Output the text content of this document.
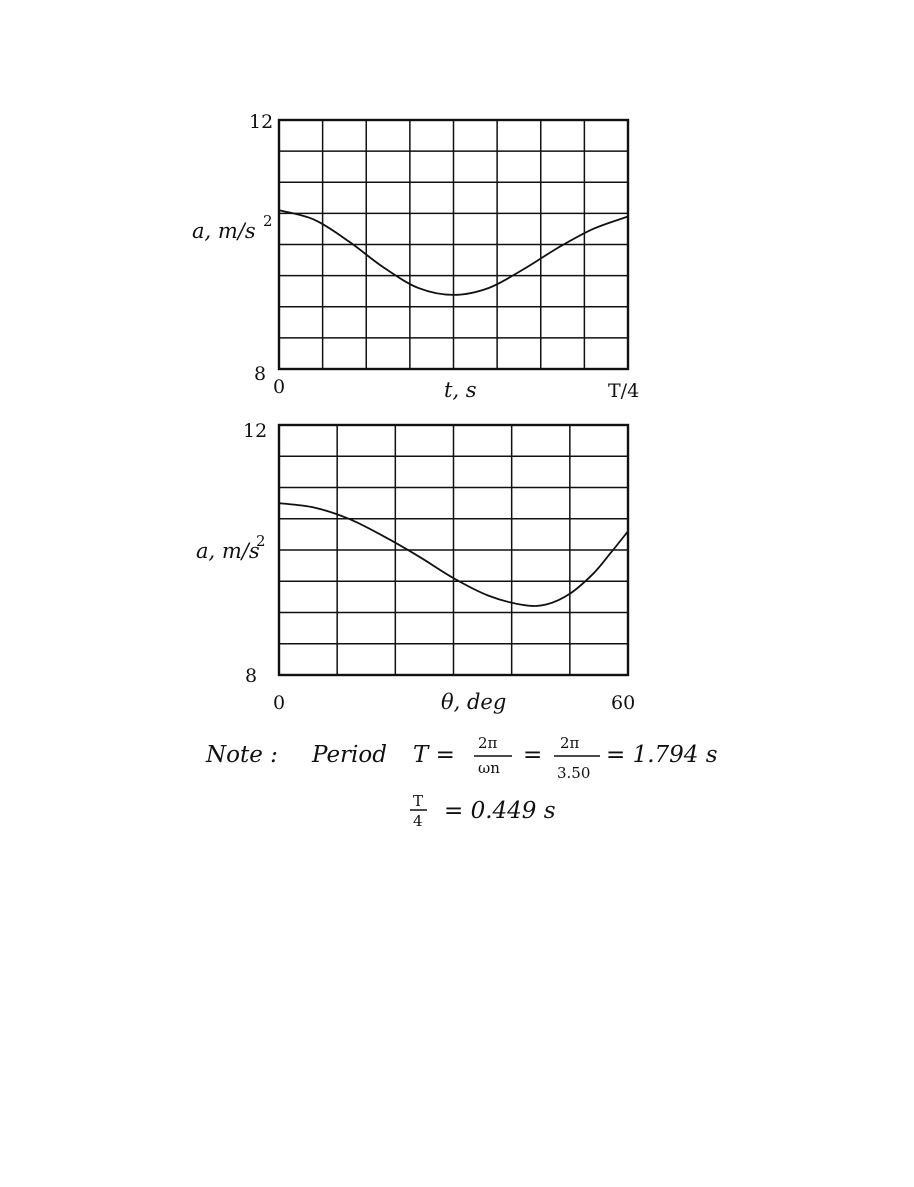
12
8
0	T/4
t, s
a, m/s 2
12
8
0	60
θ, deg
a, m/s
2
Note : Period T = 2π
ωn = 2π
3.50
= 1.794 s
T
4 = 0.449 s
